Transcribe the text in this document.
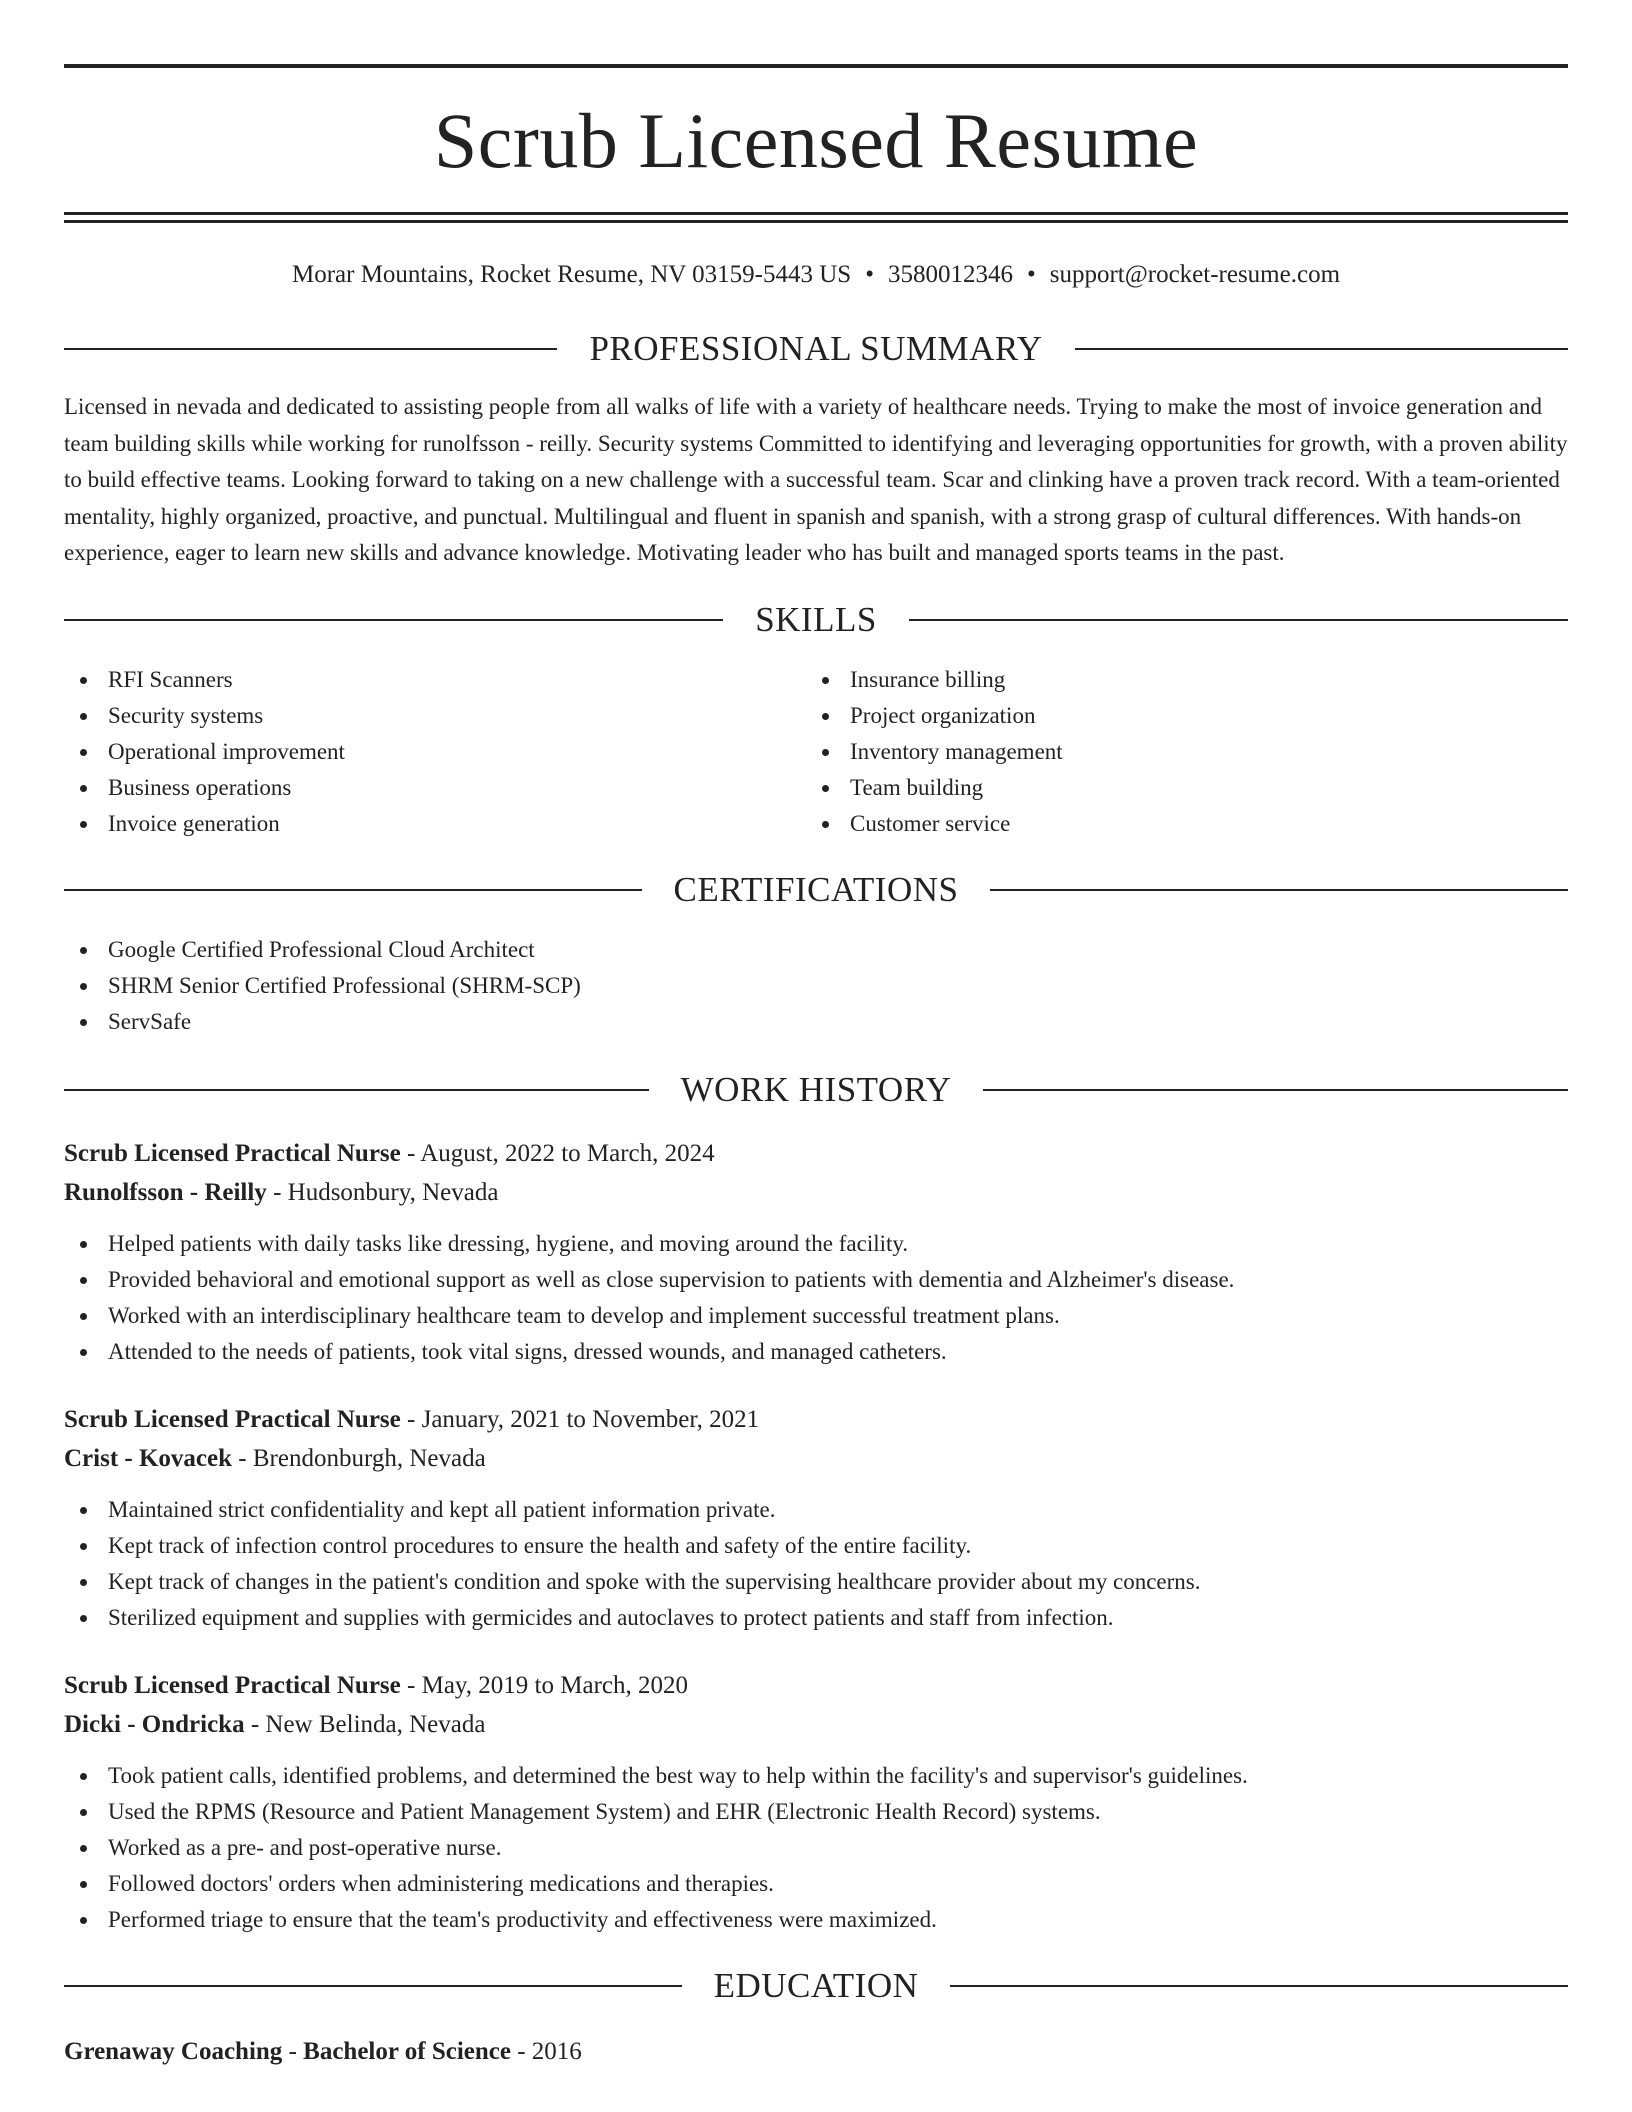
Scrub Licensed Resume
Morar Mountains, Rocket Resume, NV 03159-5443 US • 3580012346 • support@rocket-resume.com
PROFESSIONAL SUMMARY

Licensed in nevada and dedicated to assisting people from all walks of life with a variety of healthcare needs. Trying to make the most of invoice generation and team building skills while working for runolfsson - reilly. Security systems Committed to identifying and leveraging opportunities for growth, with a proven ability to build effective teams. Looking forward to taking on a new challenge with a successful team. Scar and clinking have a proven track record. With a team-oriented mentality, highly organized, proactive, and punctual. Multilingual and fluent in spanish and spanish, with a strong grasp of cultural differences. With hands-on experience, eager to learn new skills and advance knowledge. Motivating leader who has built and managed sports teams in the past.

SKILLS
RFI Scanners
Security systems
Operational improvement
Business operations
Invoice generation
Insurance billing
Project organization
Inventory management
Team building
Customer service
CERTIFICATIONS
Google Certified Professional Cloud Architect
SHRM Senior Certified Professional (SHRM-SCP)
ServSafe
WORK HISTORY
Scrub Licensed Practical Nurse - August, 2022 to March, 2024
Runolfsson - Reilly - Hudsonbury, Nevada
Helped patients with daily tasks like dressing, hygiene, and moving around the facility.
Provided behavioral and emotional support as well as close supervision to patients with dementia and Alzheimer's disease.
Worked with an interdisciplinary healthcare team to develop and implement successful treatment plans.
Attended to the needs of patients, took vital signs, dressed wounds, and managed catheters.
Scrub Licensed Practical Nurse - January, 2021 to November, 2021
Crist - Kovacek - Brendonburgh, Nevada
Maintained strict confidentiality and kept all patient information private.
Kept track of infection control procedures to ensure the health and safety of the entire facility.
Kept track of changes in the patient's condition and spoke with the supervising healthcare provider about my concerns.
Sterilized equipment and supplies with germicides and autoclaves to protect patients and staff from infection.
Scrub Licensed Practical Nurse - May, 2019 to March, 2020
Dicki - Ondricka - New Belinda, Nevada
Took patient calls, identified problems, and determined the best way to help within the facility's and supervisor's guidelines.
Used the RPMS (Resource and Patient Management System) and EHR (Electronic Health Record) systems.
Worked as a pre- and post-operative nurse.
Followed doctors' orders when administering medications and therapies.
Performed triage to ensure that the team's productivity and effectiveness were maximized.
EDUCATION
Grenaway Coaching - Bachelor of Science - 2016
